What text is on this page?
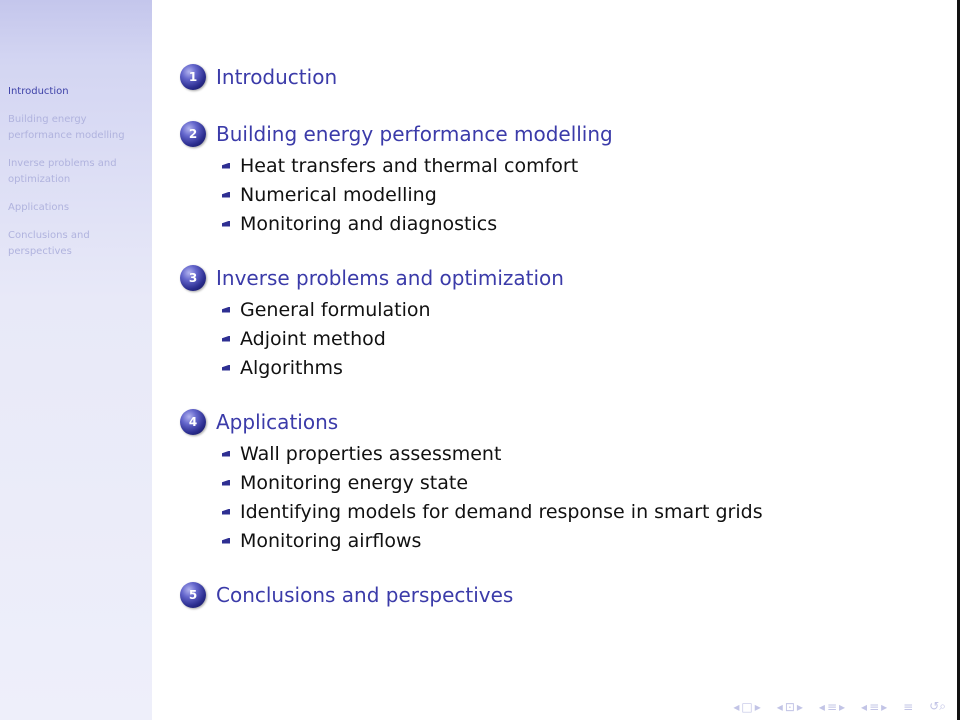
Introduction
Building energy performance modelling
Inverse problems and optimization
Applications
Conclusions and perspectives
1 Introduction
2 Building energy performance modelling
Heat transfers and thermal comfort
Numerical modelling
Monitoring and diagnostics
3 Inverse problems and optimization
General formulation
Adjoint method
Algorithms
4 Applications
Wall properties assessment
Monitoring energy state
Identifying models for demand response in smart grids
Monitoring airflows
5 Conclusions and perspectives
◂ □ ▸ ◂ ⊡ ▸ ◂ ≡ ▸ ◂ ≡ ▸ ≡ ↺⌕
